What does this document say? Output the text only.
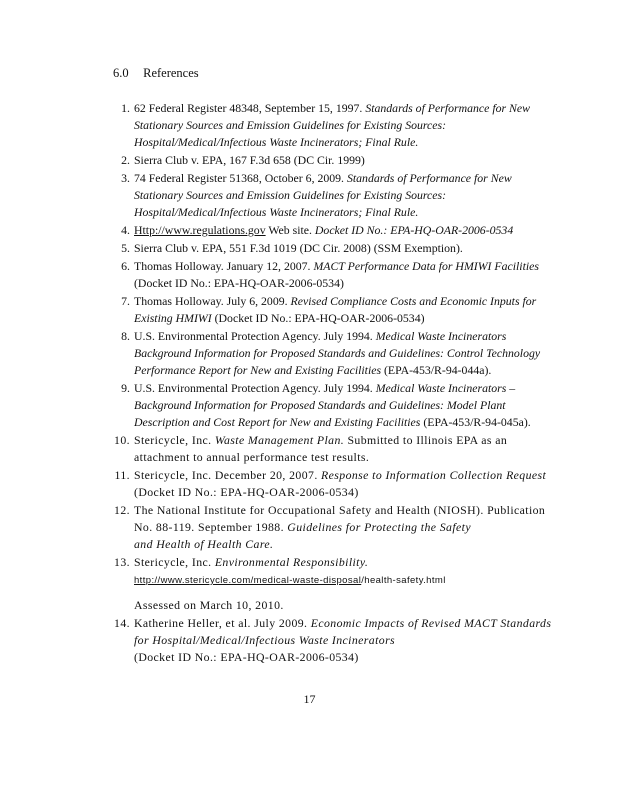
6.0 References
1. 62 Federal Register 48348, September 15, 1997. Standards of Performance for New Stationary Sources and Emission Guidelines for Existing Sources: Hospital/Medical/Infectious Waste Incinerators; Final Rule.
2. Sierra Club v. EPA, 167 F.3d 658 (DC Cir. 1999)
3. 74 Federal Register 51368, October 6, 2009. Standards of Performance for New Stationary Sources and Emission Guidelines for Existing Sources: Hospital/Medical/Infectious Waste Incinerators; Final Rule.
4. Http://www.regulations.gov Web site. Docket ID No.: EPA-HQ-OAR-2006-0534
5. Sierra Club v. EPA, 551 F.3d 1019 (DC Cir. 2008) (SSM Exemption).
6. Thomas Holloway. January 12, 2007. MACT Performance Data for HMIWI Facilities
(Docket ID No.: EPA-HQ-OAR-2006-0534)
7. Thomas Holloway. July 6, 2009. Revised Compliance Costs and Economic Inputs for Existing HMIWI (Docket ID No.: EPA-HQ-OAR-2006-0534)
8. U.S. Environmental Protection Agency. July 1994. Medical Waste Incinerators Background Information for Proposed Standards and Guidelines: Control Technology Performance Report for New and Existing Facilities (EPA-453/R-94-044a).
9. U.S. Environmental Protection Agency. July 1994. Medical Waste Incinerators – Background Information for Proposed Standards and Guidelines: Model Plant Description and Cost Report for New and Existing Facilities (EPA-453/R-94-045a).
10. Stericycle, Inc. Waste Management Plan. Submitted to Illinois EPA as an attachment to annual performance test results.
11. Stericycle, Inc. December 20, 2007. Response to Information Collection Request (Docket ID No.: EPA-HQ-OAR-2006-0534)
12. The National Institute for Occupational Safety and Health (NIOSH). Publication No. 88-119. September 1988. Guidelines for Protecting the Safety
and Health of Health Care.
13. Stericycle, Inc. Environmental Responsibility.
http://www.stericycle.com/medical-waste-disposal/health-safety.html
Assessed on March 10, 2010.
14. Katherine Heller, et al. July 2009. Economic Impacts of Revised MACT Standards for Hospital/Medical/Infectious Waste Incinerators
(Docket ID No.: EPA-HQ-OAR-2006-0534)
17
